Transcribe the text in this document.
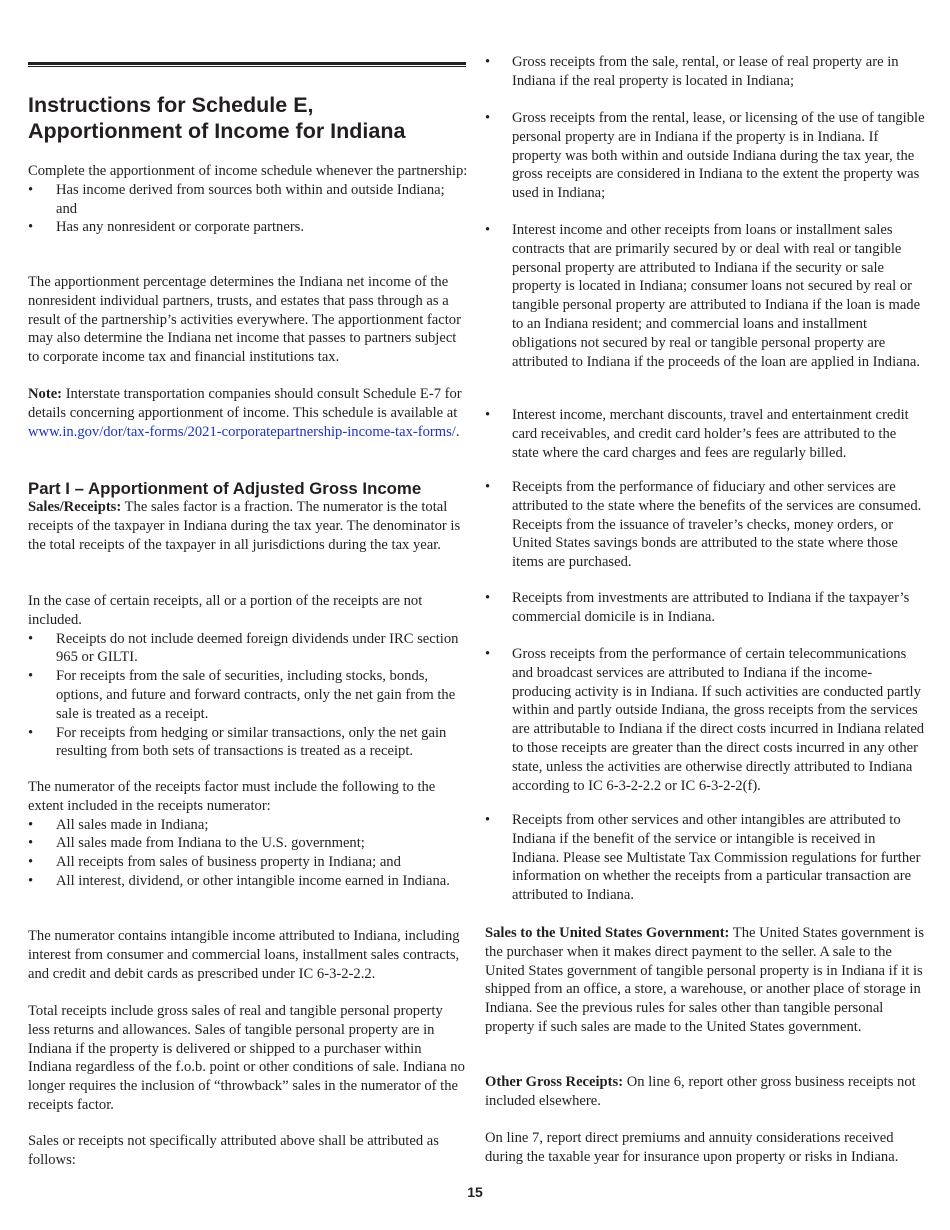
Instructions for Schedule E, Apportionment of Income for Indiana

Complete the apportionment of income schedule whenever the partnership:

• Has income derived from sources both within and outside Indiana; and
• Has any nonresident or corporate partners.

The apportionment percentage determines the Indiana net income of the nonresident individual partners, trusts, and estates that pass through as a result of the partnership’s activities everywhere. The apportionment factor may also determine the Indiana net income that passes to partners subject to corporate income tax and financial institutions tax.

Note: Interstate transportation companies should consult Schedule E-7 for details concerning apportionment of income. This schedule is available at www.in.gov/dor/tax-forms/2021-corporatepartnership-income-tax-forms/.

Part I – Apportionment of Adjusted Gross Income

Sales/Receipts: The sales factor is a fraction. The numerator is the total receipts of the taxpayer in Indiana during the tax year. The denominator is the total receipts of the taxpayer in all jurisdictions during the tax year.

In the case of certain receipts, all or a portion of the receipts are not included.

• Receipts do not include deemed foreign dividends under IRC section 965 or GILTI.
• For receipts from the sale of securities, including stocks, bonds, options, and future and forward contracts, only the net gain from the sale is treated as a receipt.
• For receipts from hedging or similar transactions, only the net gain resulting from both sets of transactions is treated as a receipt.

The numerator of the receipts factor must include the following to the extent included in the receipts numerator:

• All sales made in Indiana;
• All sales made from Indiana to the U.S. government;
• All receipts from sales of business property in Indiana; and
• All interest, dividend, or other intangible income earned in Indiana.

The numerator contains intangible income attributed to Indiana, including interest from consumer and commercial loans, installment sales contracts, and credit and debit cards as prescribed under IC 6-3-2-2.2.

Total receipts include gross sales of real and tangible personal property less returns and allowances. Sales of tangible personal property are in Indiana if the property is delivered or shipped to a purchaser within Indiana regardless of the f.o.b. point or other conditions of sale. Indiana no longer requires the inclusion of “throwback” sales in the numerator of the receipts factor.

Sales or receipts not specifically attributed above shall be attributed as follows:

• Gross receipts from the sale, rental, or lease of real property are in Indiana if the real property is located in Indiana;
• Gross receipts from the rental, lease, or licensing of the use of tangible personal property are in Indiana if the property is in Indiana. If property was both within and outside Indiana during the tax year, the gross receipts are considered in Indiana to the extent the property was used in Indiana;
• Interest income and other receipts from loans or installment sales contracts that are primarily secured by or deal with real or tangible personal property are attributed to Indiana if the security or sale property is located in Indiana; consumer loans not secured by real or tangible personal property are attributed to Indiana if the loan is made to an Indiana resident; and commercial loans and installment obligations not secured by real or tangible personal property are attributed to Indiana if the proceeds of the loan are applied in Indiana.
• Interest income, merchant discounts, travel and entertainment credit card receivables, and credit card holder’s fees are attributed to the state where the card charges and fees are regularly billed.
• Receipts from the performance of fiduciary and other services are attributed to the state where the benefits of the services are consumed. Receipts from the issuance of traveler’s checks, money orders, or United States savings bonds are attributed to the state where those items are purchased.
• Receipts from investments are attributed to Indiana if the taxpayer’s commercial domicile is in Indiana.
• Gross receipts from the performance of certain telecommunications and broadcast services are attributed to Indiana if the income-producing activity is in Indiana. If such activities are conducted partly within and partly outside Indiana, the gross receipts from the services are attributable to Indiana if the direct costs incurred in Indiana related to those receipts are greater than the direct costs incurred in any other state, unless the activities are otherwise directly attributed to Indiana according to IC 6-3-2-2.2 or IC 6-3-2-2(f).
• Receipts from other services and other intangibles are attributed to Indiana if the benefit of the service or intangible is received in Indiana. Please see Multistate Tax Commission regulations for further information on whether the receipts from a particular transaction are attributed to Indiana.

Sales to the United States Government: The United States government is the purchaser when it makes direct payment to the seller. A sale to the United States government of tangible personal property is in Indiana if it is shipped from an office, a store, a warehouse, or another place of storage in Indiana. See the previous rules for sales other than tangible personal property if such sales are made to the United States government.

Other Gross Receipts: On line 6, report other gross business receipts not included elsewhere.

On line 7, report direct premiums and annuity considerations received during the taxable year for insurance upon property or risks in Indiana.

15
